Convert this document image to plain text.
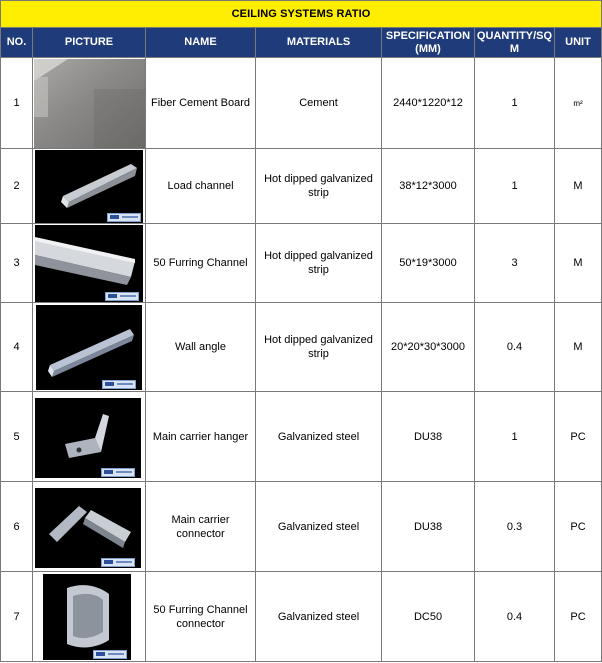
CEILING SYSTEMS RATIO						
NO.	PICTURE	NAME	MATERIALS	SPECIFICATION (MM)	QUANTITY/SQ M	UNIT
1		Fiber Cement Board	Cement	2440*1220*12	1	m²
2		Load channel	Hot dipped galvanized strip	38*12*3000	1	M
3		50 Furring Channel	Hot dipped galvanized strip	50*19*3000	3	M
4		Wall angle	Hot dipped galvanized strip	20*20*30*3000	0.4	M
5		Main carrier hanger	Galvanized steel	DU38	1	PC
6		Main carrier connector	Galvanized steel	DU38	0.3	PC
7		50 Furring Channel connector	Galvanized steel	DC50	0.4	PC
